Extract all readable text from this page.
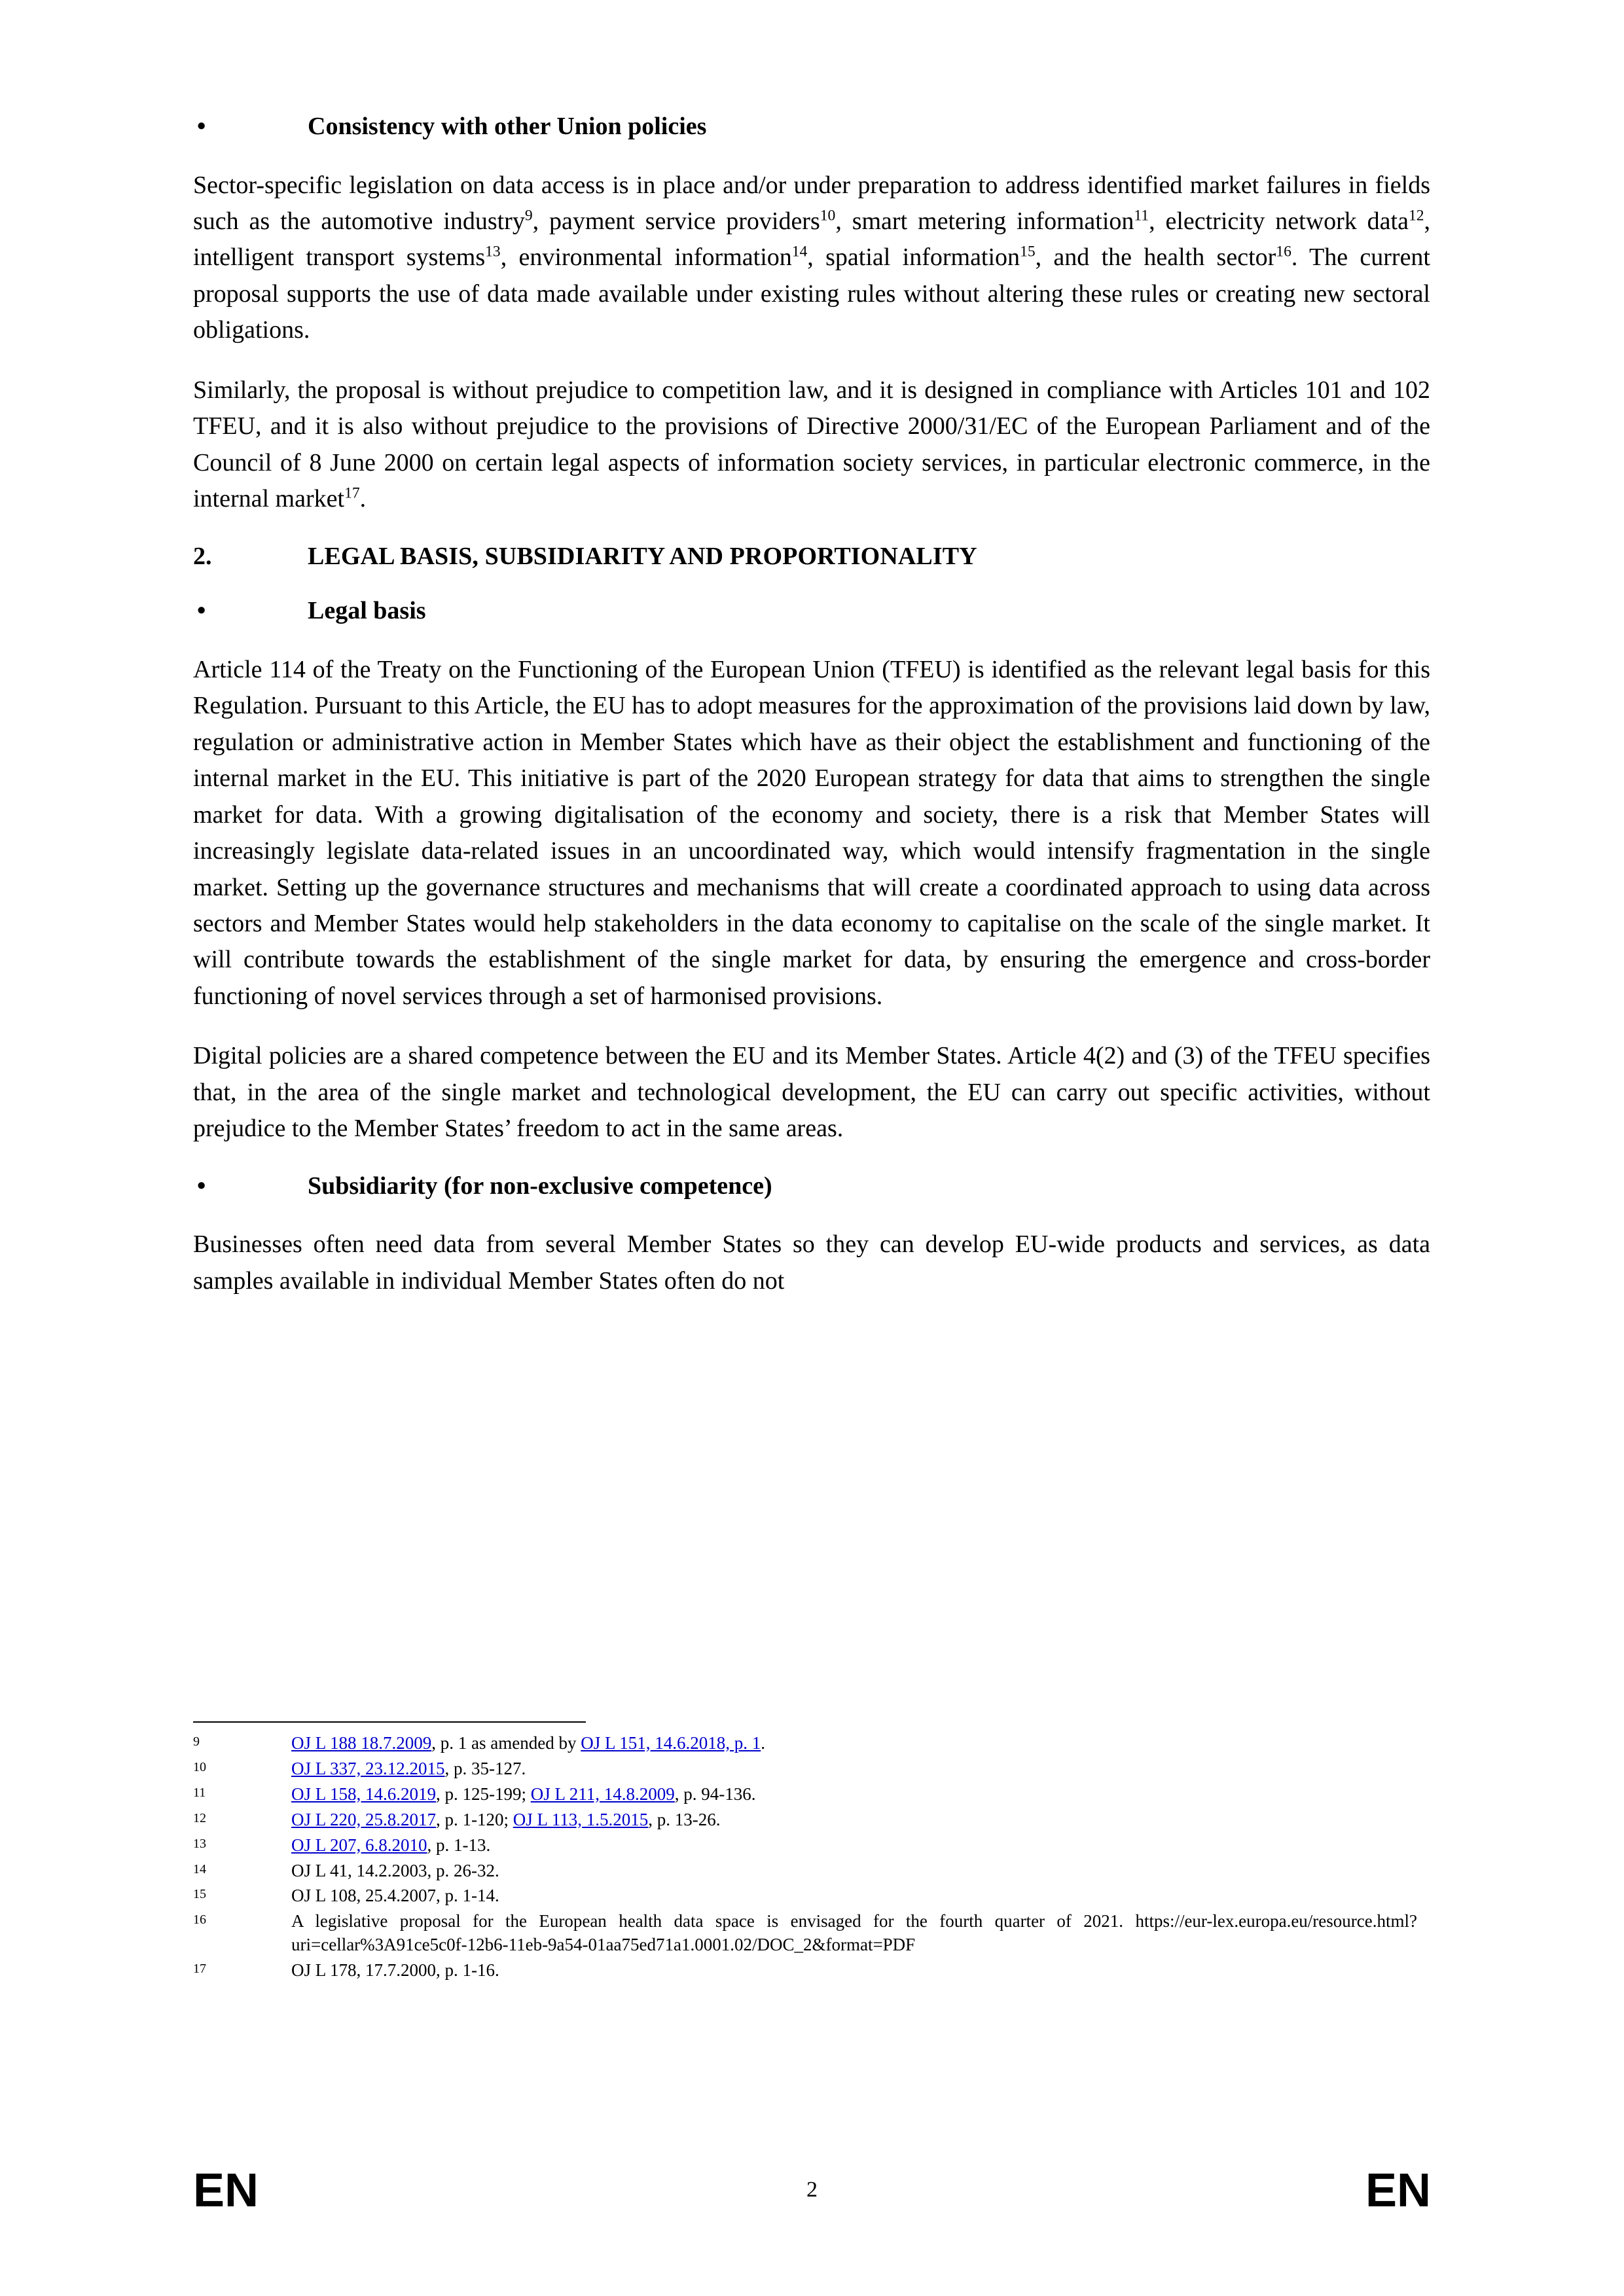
•	Consistency with other Union policies

Sector-specific legislation on data access is in place and/or under preparation to address identified market failures in fields such as the automotive industry$^9$, payment service providers$^{10}$, smart metering information$^{11}$, electricity network data$^{12}$, intelligent transport systems$^{13}$, environmental information$^{14}$, spatial information$^{15}$, and the health sector$^{16}$. The current proposal supports the use of data made available under existing rules without altering these rules or creating new sectoral obligations.

Similarly, the proposal is without prejudice to competition law, and it is designed in compliance with Articles 101 and 102 TFEU, and it is also without prejudice to the provisions of Directive 2000/31/EC of the European Parliament and of the Council of 8 June 2000 on certain legal aspects of information society services, in particular electronic commerce, in the internal market$^{17}$.

2.	LEGAL BASIS, SUBSIDIARITY AND PROPORTIONALITY
•	Legal basis

Article 114 of the Treaty on the Functioning of the European Union (TFEU) is identified as the relevant legal basis for this Regulation. Pursuant to this Article, the EU has to adopt measures for the approximation of the provisions laid down by law, regulation or administrative action in Member States which have as their object the establishment and functioning of the internal market in the EU. This initiative is part of the 2020 European strategy for data that aims to strengthen the single market for data. With a growing digitalisation of the economy and society, there is a risk that Member States will increasingly legislate data-related issues in an uncoordinated way, which would intensify fragmentation in the single market. Setting up the governance structures and mechanisms that will create a coordinated approach to using data across sectors and Member States would help stakeholders in the data economy to capitalise on the scale of the single market. It will contribute towards the establishment of the single market for data, by ensuring the emergence and cross-border functioning of novel services through a set of harmonised provisions.

Digital policies are a shared competence between the EU and its Member States. Article 4(2) and (3) of the TFEU specifies that, in the area of the single market and technological development, the EU can carry out specific activities, without prejudice to the Member States’ freedom to act in the same areas.

•	Subsidiarity (for non-exclusive competence)

Businesses often need data from several Member States so they can develop EU-wide products and services, as data samples available in individual Member States often do not

9	OJ L 188 18.7.2009, p. 1 as amended by OJ L 151, 14.6.2018, p. 1.
10	OJ L 337, 23.12.2015, p. 35-127.
11	OJ L 158, 14.6.2019, p. 125-199; OJ L 211, 14.8.2009, p. 94-136.
12	OJ L 220, 25.8.2017, p. 1-120; OJ L 113, 1.5.2015, p. 13-26.
13	OJ L 207, 6.8.2010, p. 1-13.
14	OJ L 41, 14.2.2003, p. 26-32.
15	OJ L 108, 25.4.2007, p. 1-14.
16	A legislative proposal for the European health data space is envisaged for the fourth quarter of 2021. https://eur-lex.europa.eu/resource.html?uri=cellar%3A91ce5c0f-12b6-11eb-9a54-01aa75ed71a1.0001.02/DOC_2&format=PDF
17	OJ L 178, 17.7.2000, p. 1-16.
EN	2	EN
